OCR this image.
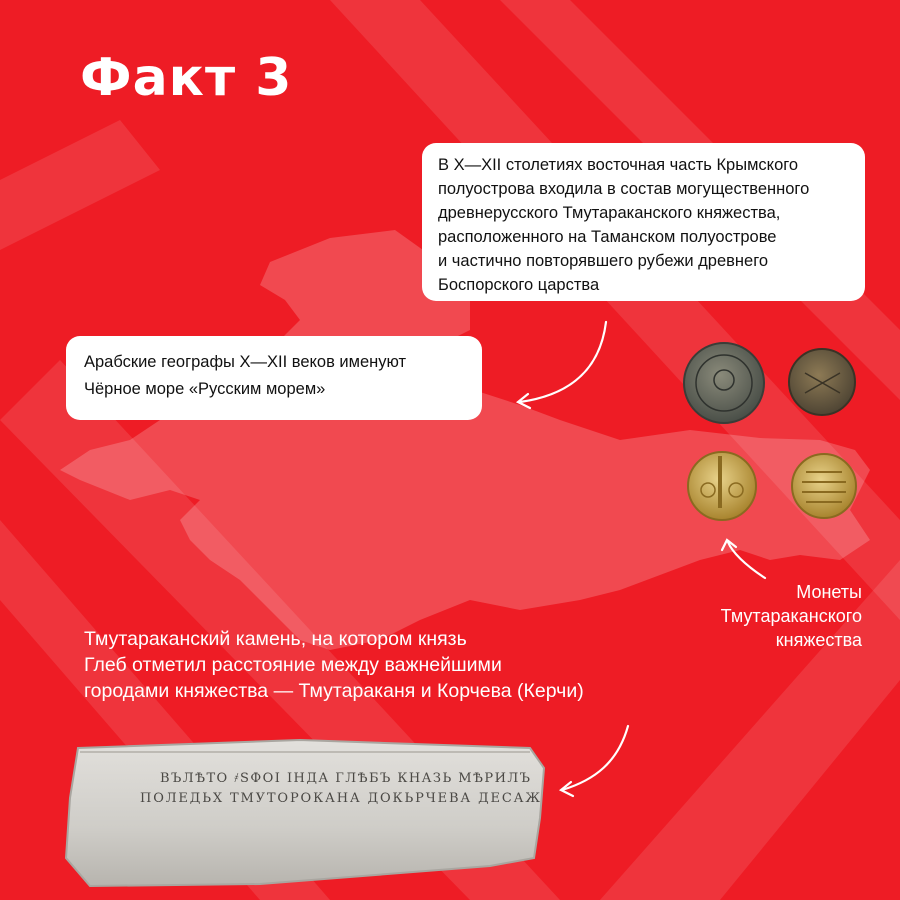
Факт 3
В X—XII столетиях восточная часть Крымского
полуострова входила в состав могущественного
древнерусского Тмутараканского княжества,
расположенного на Таманском полуострове
и частично повторявшего рубежи древнего
Боспорского царства
Арабские географы X—XII веков именуют
Чёрное море «Русским морем»
Монеты
Тмутараканского
княжества
Тмутараканский камень, на котором князь
Глеб отметил расстояние между важнейшими
городами княжества — Тмутараканя и Корчева (Керчи)
ВЪЛѢТО ҂ЅФОІ ІНДА ГЛѢБЪ КНАЗЬ МѢРИЛЪ
ПОЛЕДЬХ ТМУТОРОКАНА ДОКЬРЧЕВА ДЕСАЖ
